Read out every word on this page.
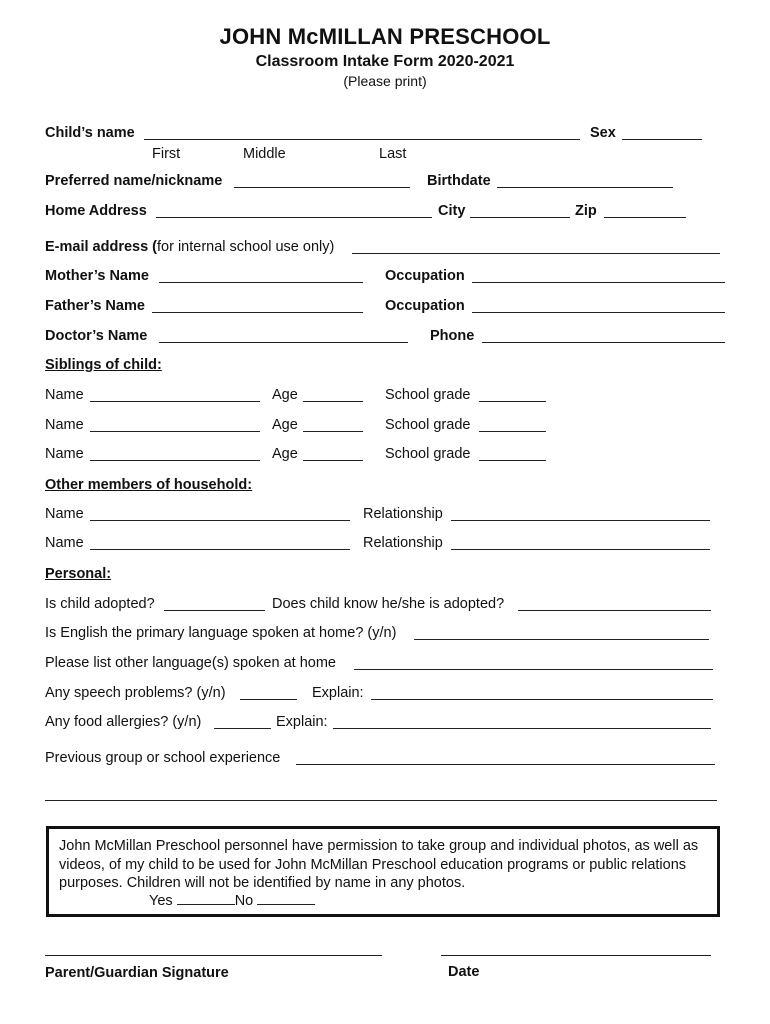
JOHN McMILLAN PRESCHOOL
Classroom Intake Form 2020-2021
(Please print)
Child’s name	Sex
First	Middle	Last
Preferred name/nickname	Birthdate
Home Address	City	Zip
E-mail address (for internal school use only)
Mother’s Name	Occupation
Father’s Name	Occupation
Doctor’s Name	Phone
Siblings of child:
Name	Age	School grade
Name	Age	School grade
Name	Age	School grade
Other members of household:
Name	Relationship
Name	Relationship
Personal:
Is child adopted?	Does child know he/she is adopted?
Is English the primary language spoken at home? (y/n)
Please list other language(s) spoken at home
Any speech problems? (y/n)	Explain:
Any food allergies? (y/n)	Explain:
Previous group or school experience
John McMillan Preschool personnel have permission to take group and individual photos, as well as videos, of my child to be used for John McMillan Preschool education programs or public relations purposes. Children will not be identified by name in any photos.
Yes	No
Parent/Guardian Signature	Date
